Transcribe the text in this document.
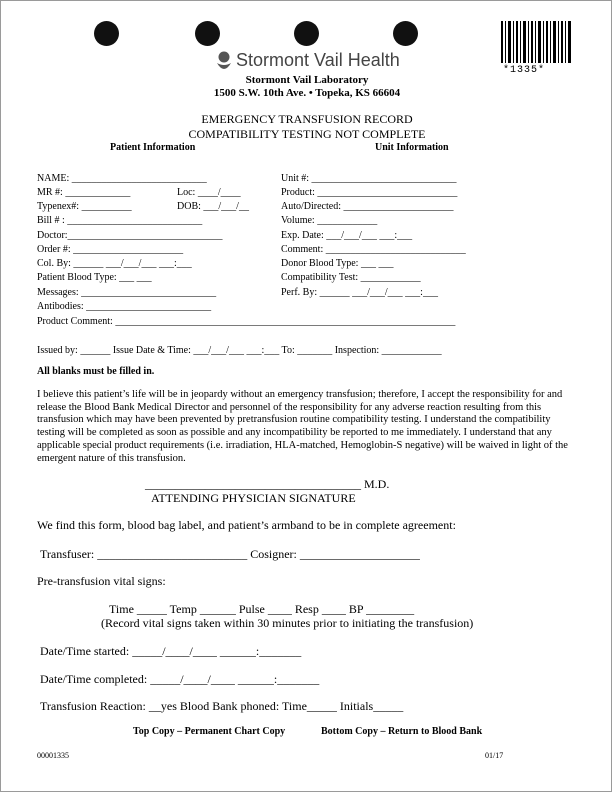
*1335*
Stormont Vail Health
Stormont Vail Laboratory
1500 S.W. 10th Ave. • Topeka, KS 66604
EMERGENCY TRANSFUSION RECORD
COMPATIBILITY TESTING NOT COMPLETE
Patient Information	Unit Information
NAME: ___________________________
MR #: _____________	Loc: ____/____
Typenex#: __________	DOB: ___/___/__
Bill # : ___________________________
Doctor:_______________________________
Order #: ______________________
Col. By: ______ ___/___/___ ___:___
Patient Blood Type: ___ ___
Messages: ___________________________
Antibodies: _________________________
Product Comment: ____________________________________________________________________
Unit #: _____________________________
Product: ____________________________
Auto/Directed: ______________________
Volume: ____________
Exp. Date: ___/___/___ ___:___
Comment: ____________________________
Donor Blood Type: ___ ___
Compatibility Test: ____________
Perf. By: ______ ___/___/___ ___:___
Issued by: ______ Issue Date & Time: ___/___/___ ___:___ To: _______ Inspection: ____________
All blanks must be filled in.
I believe this patient’s life will be in jeopardy without an emergency transfusion; therefore, I accept the responsibility for and release the Blood Bank Medical Director and personnel of the responsibility for any adverse reaction resulting from this transfusion which may have been prevented by pretransfusion routine compatibility testing. I understand the compatibility testing will be completed as soon as possible and any incompatibility be reported to me immediately. I understand that any applicable special product requirements (i.e. irradiation, HLA-matched, Hemoglobin-S negative) will be waived in light of the emergent nature of this transfusion.
____________________________________ M.D.
ATTENDING PHYSICIAN SIGNATURE
We find this form, blood bag label, and patient’s armband to be in complete agreement:
Transfuser: _________________________ Cosigner: ____________________
Pre-transfusion vital signs:
Time _____ Temp ______ Pulse ____ Resp ____ BP ________
(Record vital signs taken within 30 minutes prior to initiating the transfusion)
Date/Time started: _____/____/____ ______:_______
Date/Time completed: _____/____/____ ______:_______
Transfusion Reaction: __yes Blood Bank phoned: Time_____ Initials_____
Top Copy – Permanent Chart Copy	Bottom Copy – Return to Blood Bank
00001335	01/17
